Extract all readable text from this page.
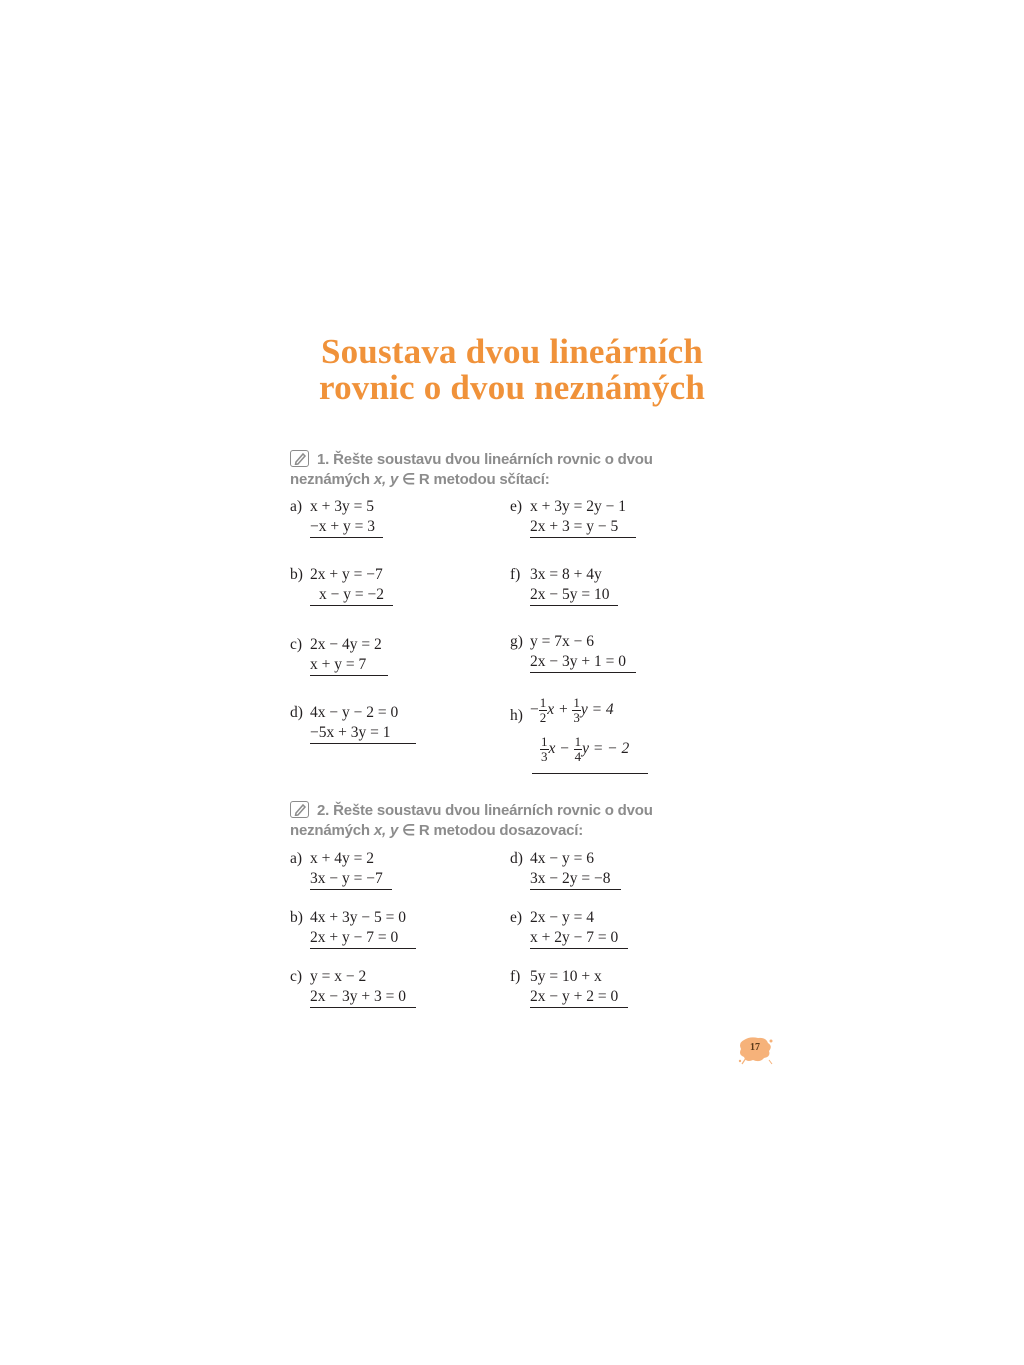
Soustava dvou lineárních
rovnic o dvou neznámých
1. Řešte soustavu dvou lineárních rovnic o dvou
neznámých x, y ∈ R metodou sčítací:
a) x + 3y = 5
−x + y = 3
b) 2x + y = −7
x − y = −2
c) 2x − 4y = 2
x + y = 7
d) 4x − y − 2 = 0
−5x + 3y = 1
e) x + 3y = 2y − 1
2x + 3 = y − 5
f) 3x = 8 + 4y
2x − 5y = 10
g) y = 7x − 6
2x − 3y + 1 = 0
$h) - \frac{1}{2}$ $x + \frac{1}{3}$ y = 4
$\frac{1}{3}$ $x - \frac{1}{4}$ y = − 2
2. Řešte soustavu dvou lineárních rovnic o dvou
neznámých x, y ∈ R metodou dosazovací:
a) x + 4y = 2
3x − y = −7
b) 4x + 3y − 5 = 0
2x + y − 7 = 0
c) y = x − 2
2x − 3y + 3 = 0
d) 4x − y = 6
3x − 2y = −8
e) 2x − y = 4
x + 2y − 7 = 0
f) 5y = 10 + x
2x − y + 2 = 0
17
